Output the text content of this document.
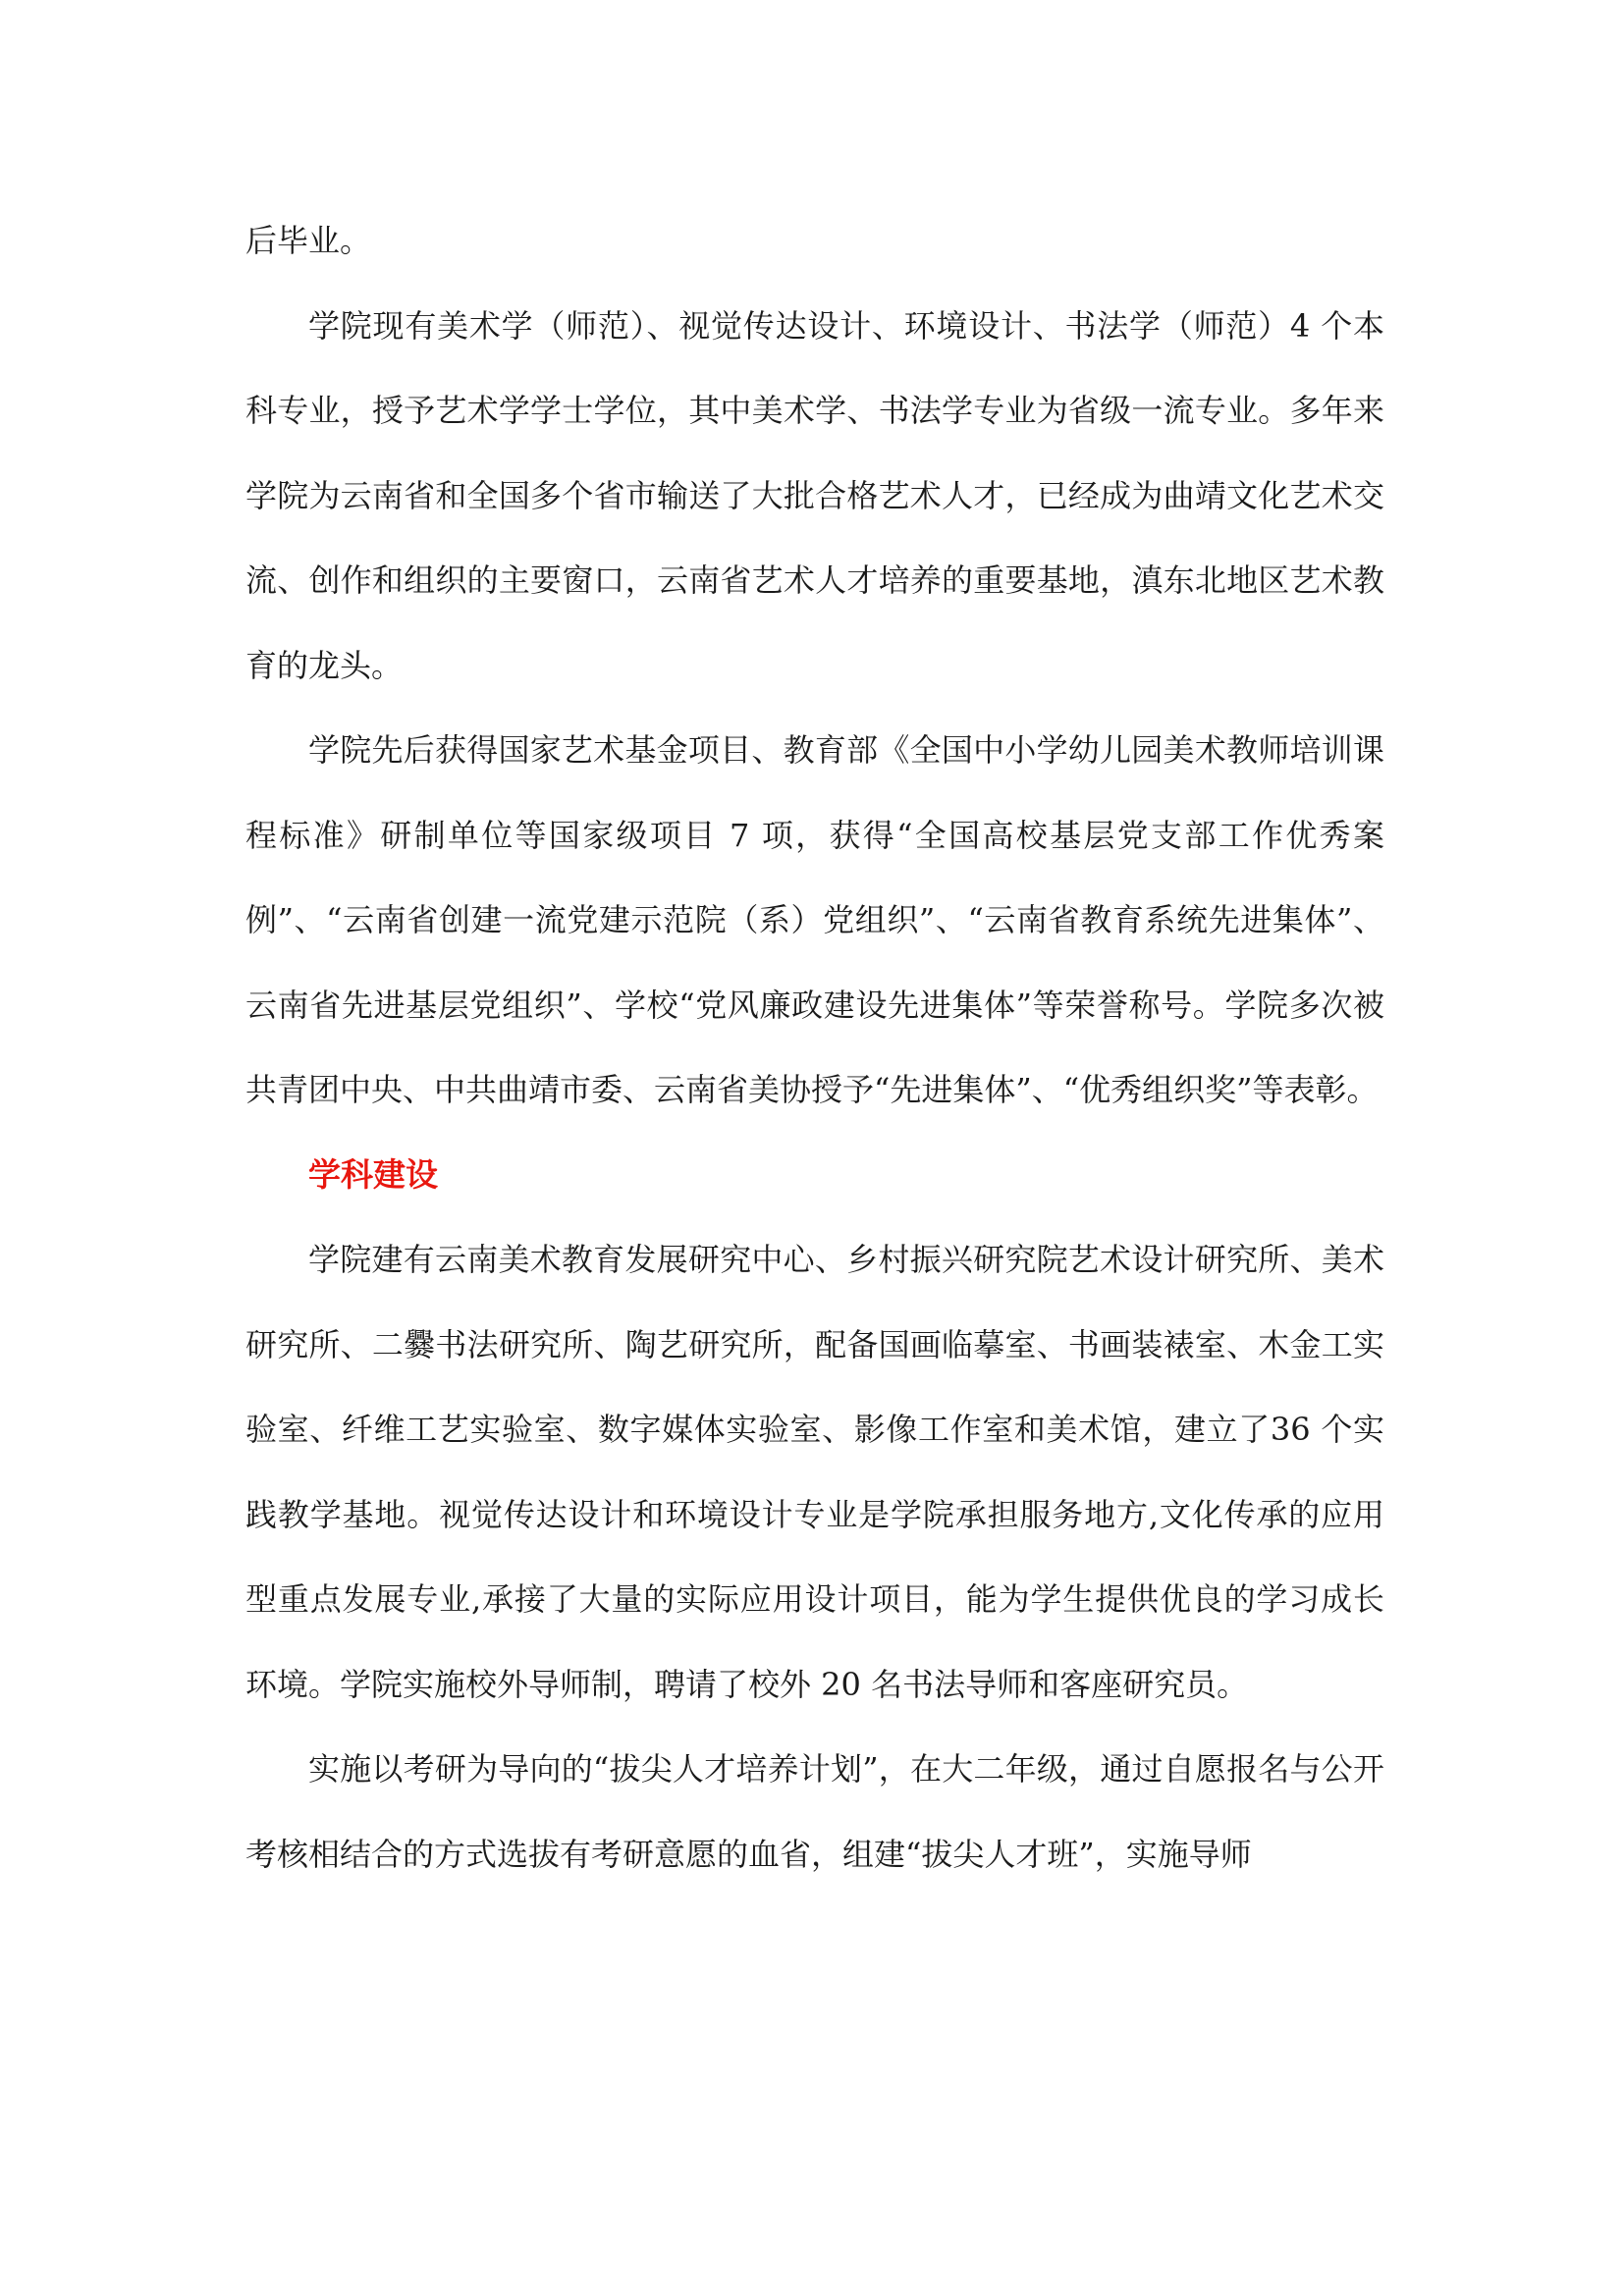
后毕业。

学院现有美术学（师范）、视觉传达设计、环境设计、书法学（师范）4 个本科专业，授予艺术学学士学位，其中美术学、书法学专业为省级一流专业。多年来学院为云南省和全国多个省市输送了大批合格艺术人才，已经成为曲靖文化艺术交流、创作和组织的主要窗口，云南省艺术人才培养的重要基地，滇东北地区艺术教育的龙头。

学院先后获得国家艺术基金项目、教育部《全国中小学幼儿园美术教师培训课程标准》研制单位等国家级项目 7 项，获得“全国高校基层党支部工作优秀案例”、“云南省创建一流党建示范院（系）党组织”、“云南省教育系统先进集体”、云南省先进基层党组织”、学校“党风廉政建设先进集体”等荣誉称号。学院多次被共青团中央、中共曲靖市委、云南省美协授予“先进集体”、“优秀组织奖”等表彰。

学科建设

学院建有云南美术教育发展研究中心、乡村振兴研究院艺术设计研究所、美术研究所、二爨书法研究所、陶艺研究所，配备国画临摹室、书画装裱室、木金工实验室、纤维工艺实验室、数字媒体实验室、影像工作室和美术馆，建立了36 个实践教学基地。视觉传达设计和环境设计专业是学院承担服务地方,文化传承的应用型重点发展专业,承接了大量的实际应用设计项目，能为学生提供优良的学习成长环境。学院实施校外导师制，聘请了校外 20 名书法导师和客座研究员。

实施以考研为导向的“拔尖人才培养计划”，在大二年级，通过自愿报名与公开考核相结合的方式选拔有考研意愿的血省，组建“拔尖人才班”，实施导师
